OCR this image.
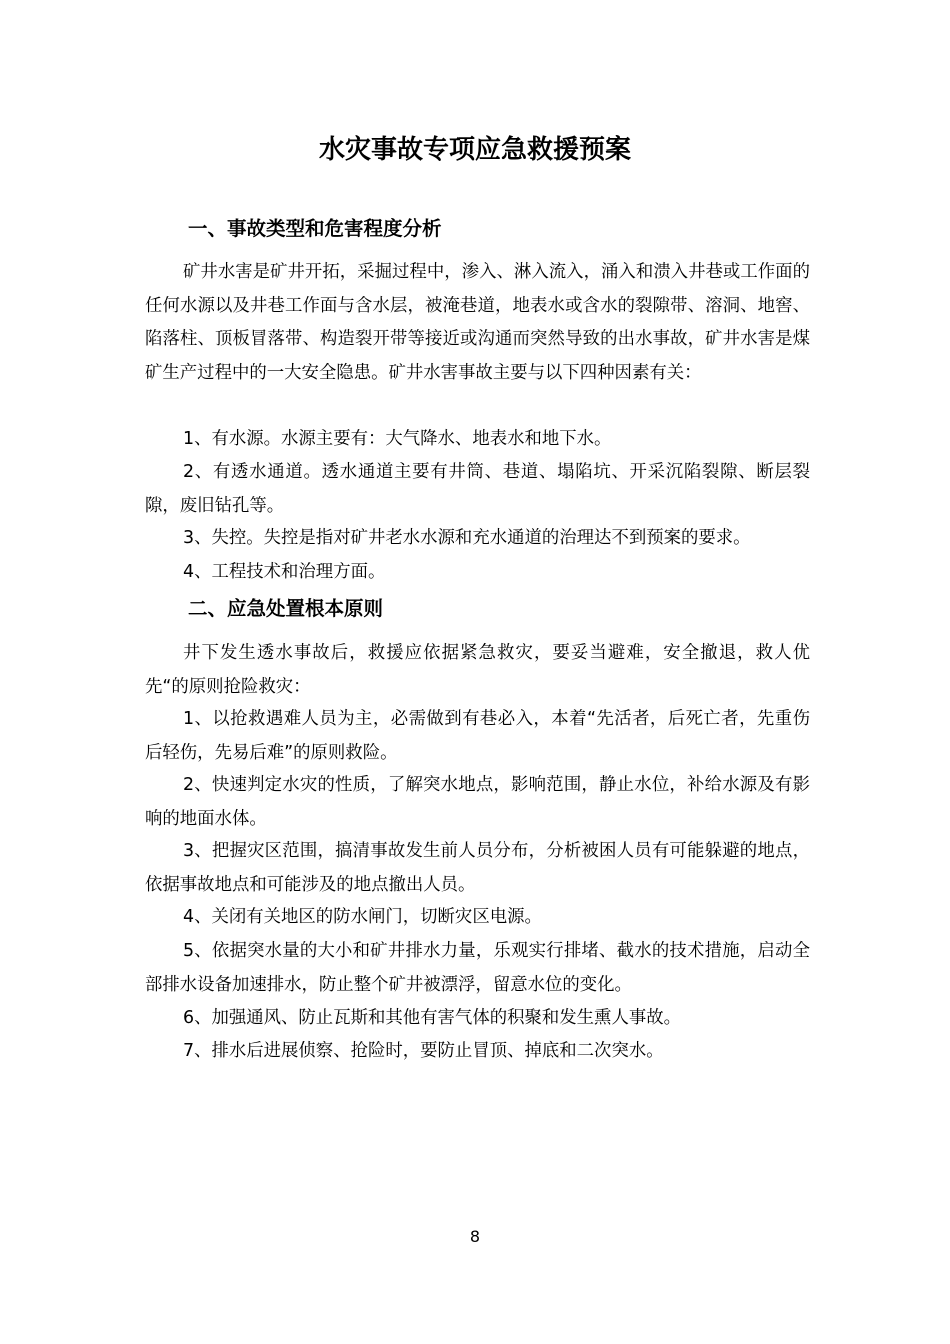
水灾事故专项应急救援预案
一、事故类型和危害程度分析

矿井水害是矿井开拓，采掘过程中，渗入、淋入流入，涌入和溃入井巷或工作面的任何水源以及井巷工作面与含水层，被淹巷道，地表水或含水的裂隙带、溶洞、地窖、陷落柱、顶板冒落带、构造裂开带等接近或沟通而突然导致的出水事故，矿井水害是煤矿生产过程中的一大安全隐患。矿井水害事故主要与以下四种因素有关：

1、有水源。水源主要有：大气降水、地表水和地下水。

2、有透水通道。透水通道主要有井筒、巷道、塌陷坑、开采沉陷裂隙、断层裂隙，废旧钻孔等。

3、失控。失控是指对矿井老水水源和充水通道的治理达不到预案的要求。

4、工程技术和治理方面。

二、应急处置根本原则

井下发生透水事故后，救援应依据紧急救灾，要妥当避难，安全撤退，救人优先“的原则抢险救灾：

1、以抢救遇难人员为主，必需做到有巷必入，本着“先活者，后死亡者，先重伤后轻伤，先易后难”的原则救险。

2、快速判定水灾的性质，了解突水地点，影响范围，静止水位，补给水源及有影响的地面水体。

3、把握灾区范围，搞清事故发生前人员分布，分析被困人员有可能躲避的地点，依据事故地点和可能涉及的地点撤出人员。

4、关闭有关地区的防水闸门，切断灾区电源。

5、依据突水量的大小和矿井排水力量，乐观实行排堵、截水的技术措施，启动全部排水设备加速排水，防止整个矿井被漂浮，留意水位的变化。

6、加强通风、防止瓦斯和其他有害气体的积聚和发生熏人事故。

7、排水后进展侦察、抢险时，要防止冒顶、掉底和二次突水。

8
